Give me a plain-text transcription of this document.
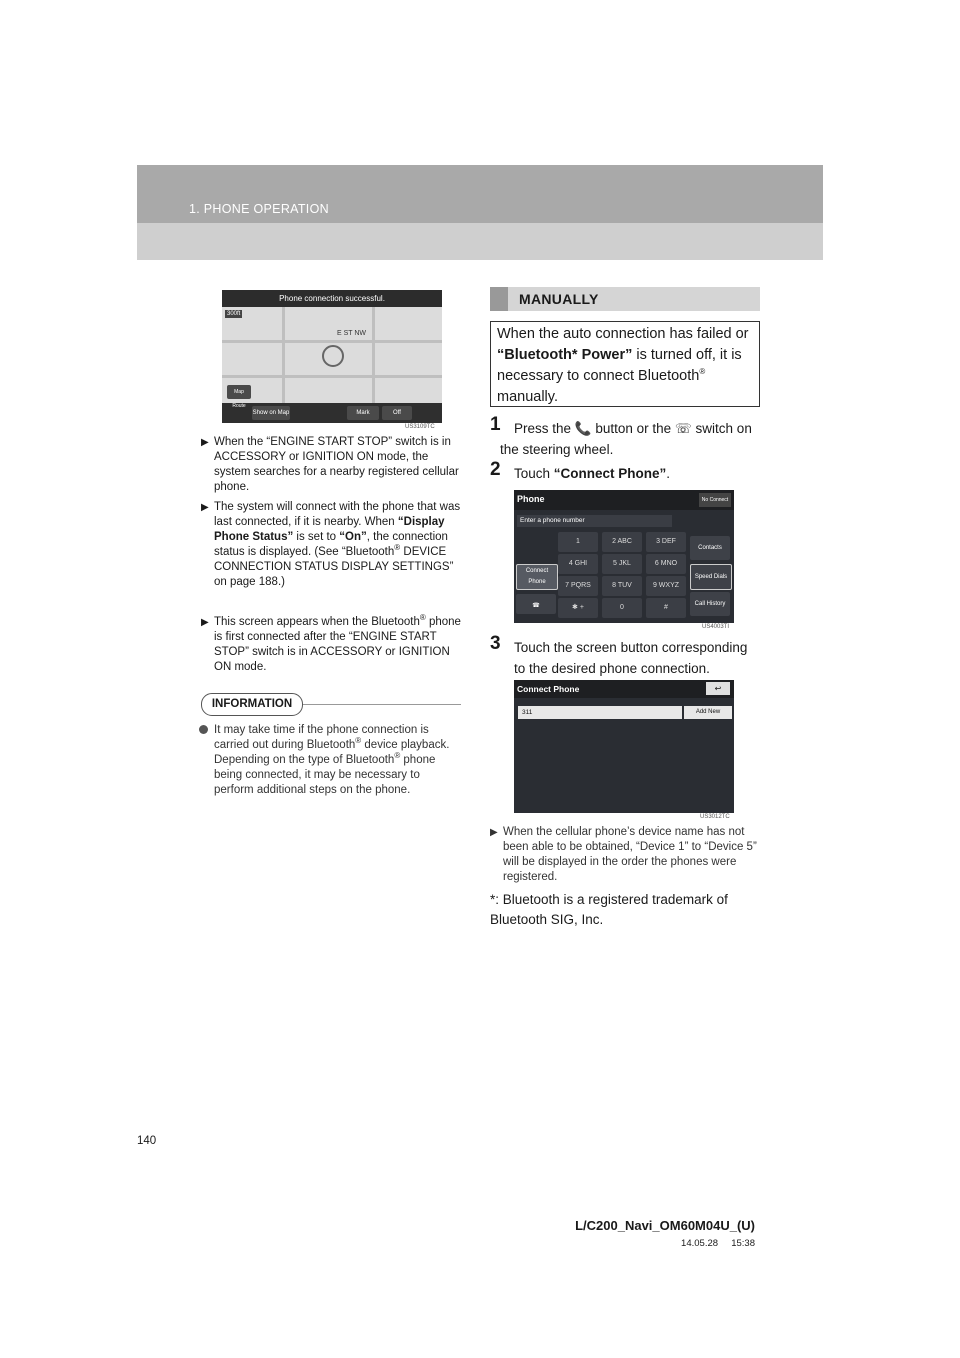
1. PHONE OPERATION
Phone connection successful.
300ft
E ST NW
Show on Map	Mark	Off
Map Route
US3109TC
▶ When the “ENGINE START STOP” switch is in ACCESSORY or IGNITION ON mode, the system searches for a nearby registered cellular phone.
▶ The system will connect with the phone that was last connected, if it is nearby. When “Display Phone Status” is set to “On”, the connection status is displayed. (See “Bluetooth® DEVICE CONNECTION STATUS DISPLAY SETTINGS” on page 188.)
▶ This screen appears when the Bluetooth® phone is first connected after the “ENGINE START STOP” switch is in ACCESSORY or IGNITION ON mode.
INFORMATION
It may take time if the phone connection is carried out during Bluetooth® device playback.
Depending on the type of Bluetooth® phone being connected, it may be necessary to perform additional steps on the phone.
MANUALLY
When the auto connection has failed or “Bluetooth* Power” is turned off, it is necessary to connect Bluetooth® manually.
1 Press the 📞 button or the ☏ switch on the steering wheel.
2 Touch “Connect Phone”.
Phone	No Connect
Enter a phone number
1	2 ABC	3 DEF
4 GHI	5 JKL	6 MNO
7 PQRS	8 TUV	9 WXYZ
✱ +	0	#
Connect Phone
☎
Contacts
Speed Dials
Call History
US4003TI
3 Touch the screen button corresponding to the desired phone connection.
Connect Phone	↩
311	Add New
US3012TC
▶ When the cellular phone’s device name has not been able to be obtained, “Device 1” to “Device 5” will be displayed in the order the phones were registered.
*: Bluetooth is a registered trademark of Bluetooth SIG, Inc.
140
L/C200_Navi_OM60M04U_(U)
14.05.28     15:38
